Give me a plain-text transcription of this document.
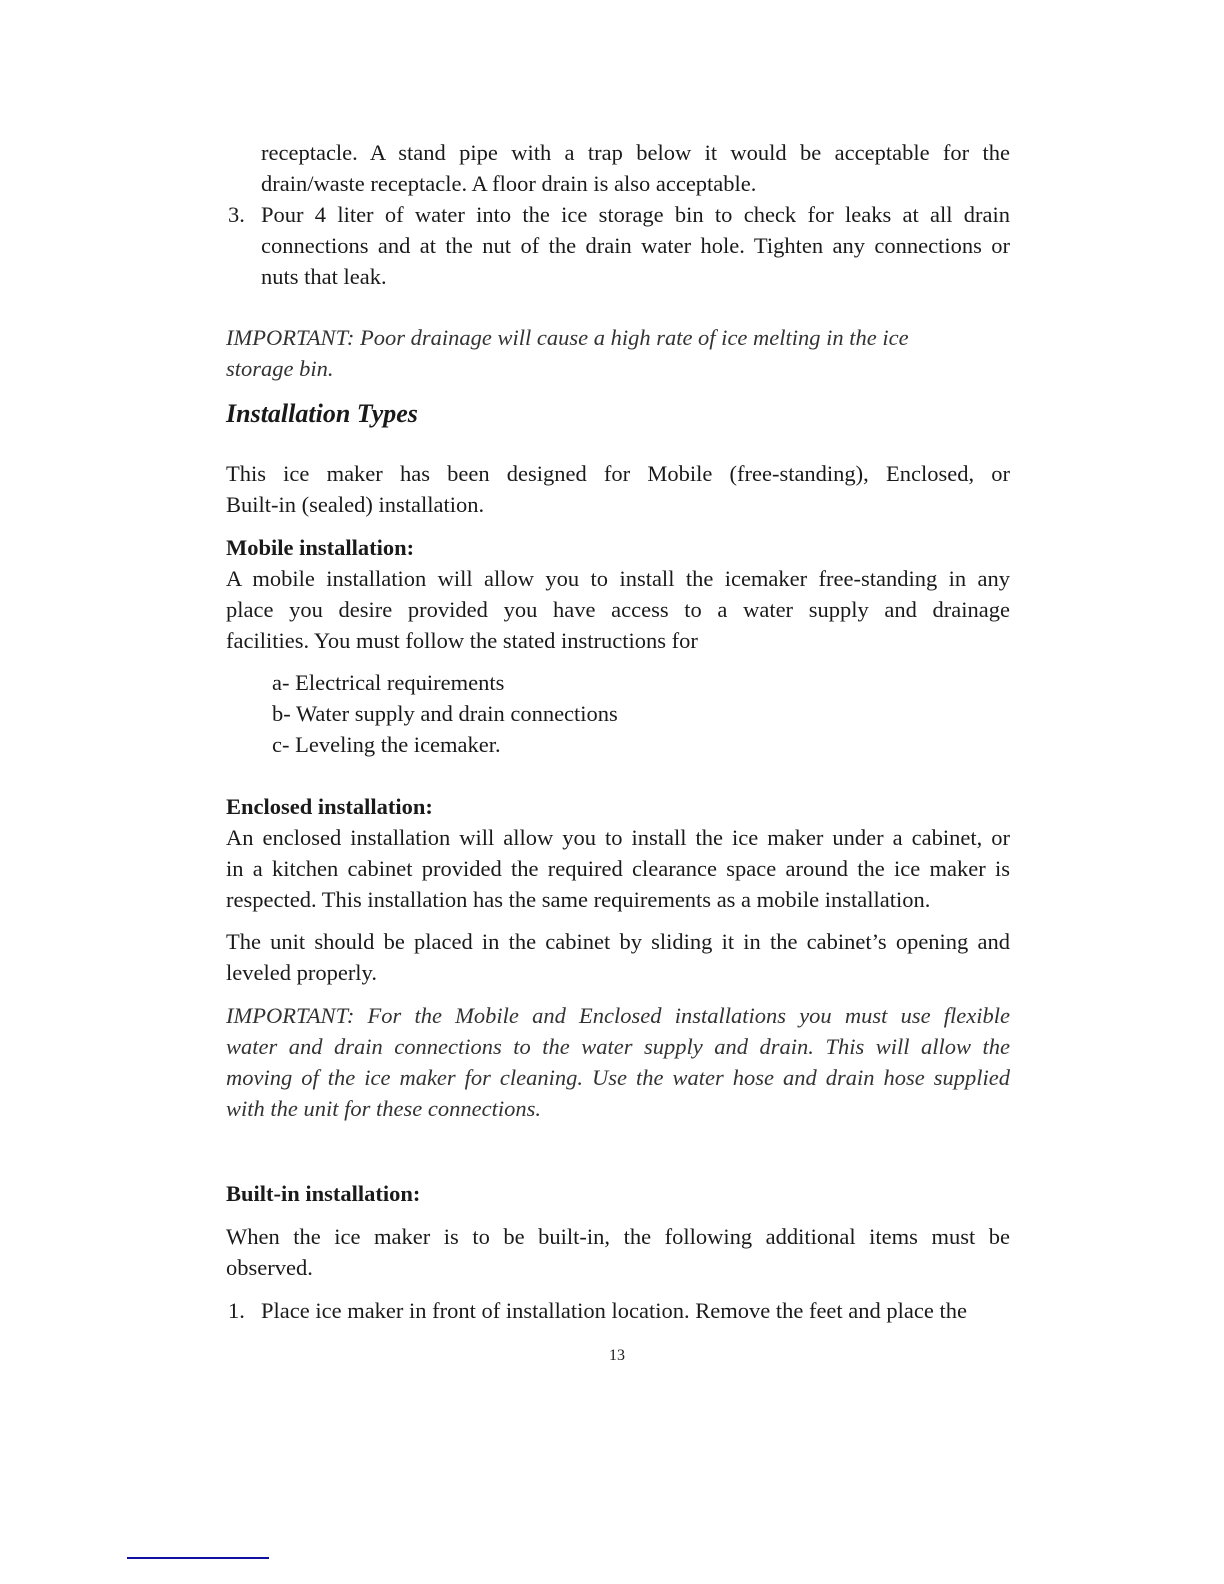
receptacle. A stand pipe with a trap below it would be acceptable for the
drain/waste receptacle. A floor drain is also acceptable.
3. Pour 4 liter of water into the ice storage bin to check for leaks at all drain
connections and at the nut of the drain water hole. Tighten any connections or
nuts that leak.
IMPORTANT: Poor drainage will cause a high rate of ice melting in the ice
storage bin.
Installation Types
This ice maker has been designed for Mobile (free-standing), Enclosed, or
Built-in (sealed) installation.
Mobile installation:
A mobile installation will allow you to install the icemaker free-standing in any
place you desire provided you have access to a water supply and drainage
facilities. You must follow the stated instructions for
a- Electrical requirements
b- Water supply and drain connections
c- Leveling the icemaker.
Enclosed installation:
An enclosed installation will allow you to install the ice maker under a cabinet, or
in a kitchen cabinet provided the required clearance space around the ice maker is
respected. This installation has the same requirements as a mobile installation.
The unit should be placed in the cabinet by sliding it in the cabinet’s opening and
leveled properly.
IMPORTANT: For the Mobile and Enclosed installations you must use flexible
water and drain connections to the water supply and drain. This will allow the
moving of the ice maker for cleaning. Use the water hose and drain hose supplied
with the unit for these connections.
Built-in installation:
When the ice maker is to be built-in, the following additional items must be
observed.
1. Place ice maker in front of installation location. Remove the feet and place the
13
